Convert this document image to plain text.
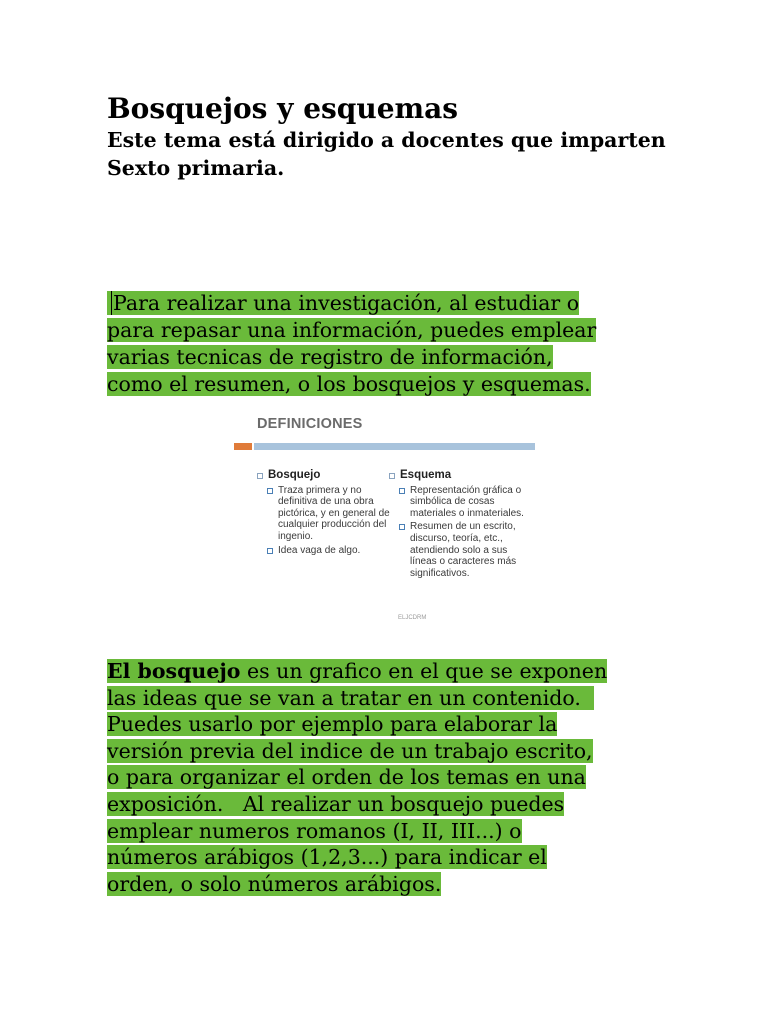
Bosquejos y esquemas

Este tema está dirigido a docentes que imparten Sexto primaria.

Para realizar una investigación, al estudiar o
para repasar una información, puedes emplear
varias tecnicas de registro de información,
como el resumen, o los bosquejos y esquemas.
DEFINICIONES
Bosquejo
Traza primera y no definitiva de una obra pictórica, y en general de cualquier producción del ingenio.
Idea vaga de algo.
Esquema
Representación gráfica o simbólica de cosas materiales o inmateriales.
Resumen de un escrito, discurso, teoría, etc., atendiendo solo a sus líneas o caracteres más significativos.
ELJCDRM
El bosquejo es un grafico en el que se exponen
las ideas que se van a tratar en un contenido.
Puedes usarlo por ejemplo para elaborar la
versión previa del indice de un trabajo escrito,
o para organizar el orden de los temas en una
exposición.   Al realizar un bosquejo puedes
emplear numeros romanos (I, II, III...) o
números arábigos (1,2,3...) para indicar el
orden, o solo números arábigos.
